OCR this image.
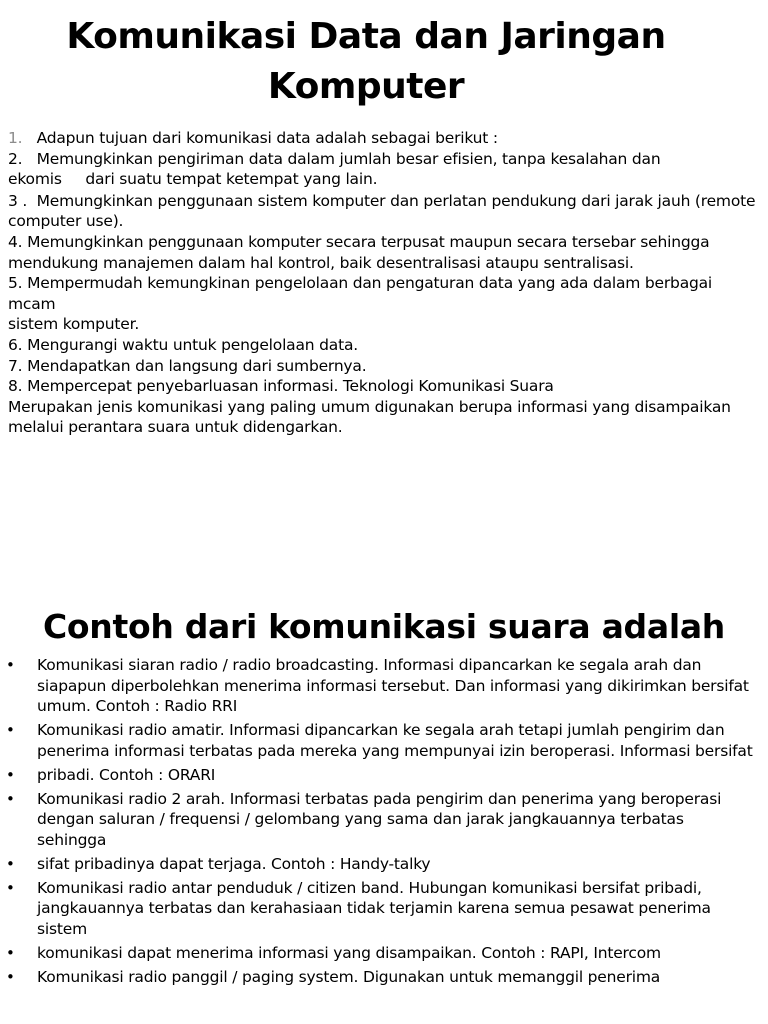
Komunikasi Data dan Jaringan Komputer
1. Adapun tujuan dari komunikasi data adalah sebagai berikut :
2.   Memungkinkan pengiriman data dalam jumlah besar efisien, tanpa kesalahan dan
ekomis     dari suatu tempat ketempat yang lain.
3 .  Memungkinkan penggunaan sistem komputer dan perlatan pendukung dari jarak jauh (remote
computer use).
4. Memungkinkan penggunaan komputer secara terpusat maupun secara tersebar sehingga mendukung manajemen dalam hal kontrol, baik desentralisasi ataupu sentralisasi.
5. Mempermudah kemungkinan pengelolaan dan pengaturan data yang ada dalam berbagai mcam
sistem komputer.
6. Mengurangi waktu untuk pengelolaan data.
7. Mendapatkan dan langsung dari sumbernya.
8. Mempercepat penyebarluasan informasi. Teknologi Komunikasi Suara
Merupakan jenis komunikasi yang paling umum digunakan berupa informasi yang disampaikan
melalui perantara suara untuk didengarkan.
Contoh dari komunikasi suara adalah
• Komunikasi siaran radio / radio broadcasting. Informasi dipancarkan ke segala arah dan siapapun diperbolehkan menerima informasi tersebut. Dan informasi yang dikirimkan bersifat umum. Contoh : Radio RRI
• Komunikasi radio amatir. Informasi dipancarkan ke segala arah tetapi jumlah pengirim dan penerima informasi terbatas pada mereka yang mempunyai izin beroperasi. Informasi bersifat
• pribadi. Contoh : ORARI
• Komunikasi radio 2 arah. Informasi terbatas pada pengirim dan penerima yang beroperasi dengan saluran / frequensi / gelombang yang sama dan jarak jangkauannya terbatas sehingga
• sifat pribadinya dapat terjaga. Contoh : Handy-talky
• Komunikasi radio antar penduduk / citizen band. Hubungan komunikasi bersifat pribadi, jangkauannya terbatas dan kerahasiaan tidak terjamin karena semua pesawat penerima sistem
• komunikasi dapat menerima informasi yang disampaikan. Contoh : RAPI, Intercom
• Komunikasi radio panggil / paging system. Digunakan untuk memanggil penerima
